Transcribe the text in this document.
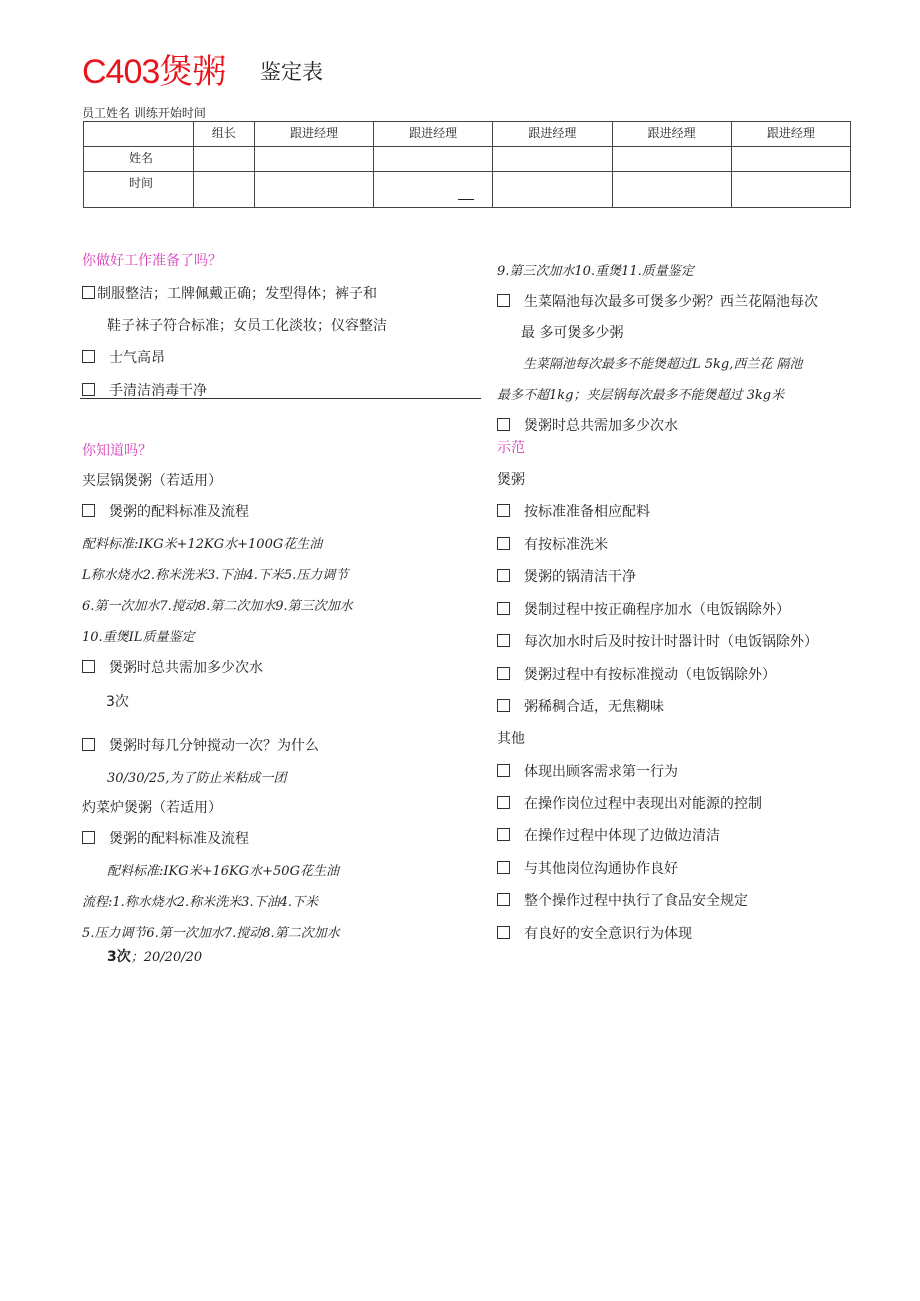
C403煲粥 鉴定表
员工姓名 训练开始时间
	组长	跟进经理	跟进经理	跟进经理	跟进经理	跟进经理
姓名						
时间						
你做好工作准备了吗？
制服整洁；工牌佩戴正确；发型得体；裤子和
鞋子袜子符合标准；女员工化淡妆；仪容整洁
士气高昂
手清洁消毒干净
你知道吗？
夹层锅煲粥（若适用）
煲粥的配料标准及流程
配料标准:IKG米+12KG水+100G花生油
L称水烧水2.称米洗米3.下油4.下米5.压力调节
6.第一次加水7.搅动8.第二次加水9.第三次加水
10.重煲IL质量鉴定
煲粥时总共需加多少次水
3次
煲粥时每几分钟搅动一次？为什么
30/30/25,为了防止米粘成一团
灼菜炉煲粥（若适用）
煲粥的配料标准及流程
配料标准:IKG米+16KG水+50G花生油
流程:1.称水烧水2.称米洗米3.下油4.下米
5.压力调节6.第一次加水7.搅动8.第二次加水
3次；20/20/20
9.第三次加水10.重煲11.质量鉴定
生菜隔池每次最多可煲多少粥？西兰花隔池每次
最 多可煲多少粥
生菜隔池每次最多不能煲超过L 5kg,西兰花 隔池
最多不超1kg；夹层锅每次最多不能煲超过 3kg米
煲粥时总共需加多少次水
示范
煲粥
按标准准备相应配料
有按标准洗米
煲粥的锅清洁干净
煲制过程中按正确程序加水（电饭锅除外）
每次加水时后及时按计时器计时（电饭锅除外）
煲粥过程中有按标准搅动（电饭锅除外）
粥稀稠合适，无焦糊味
其他
体现出顾客需求第一行为
在操作岗位过程中表现出对能源的控制
在操作过程中体现了边做边清洁
与其他岗位沟通协作良好
整个操作过程中执行了食品安全规定
有良好的安全意识行为体现
